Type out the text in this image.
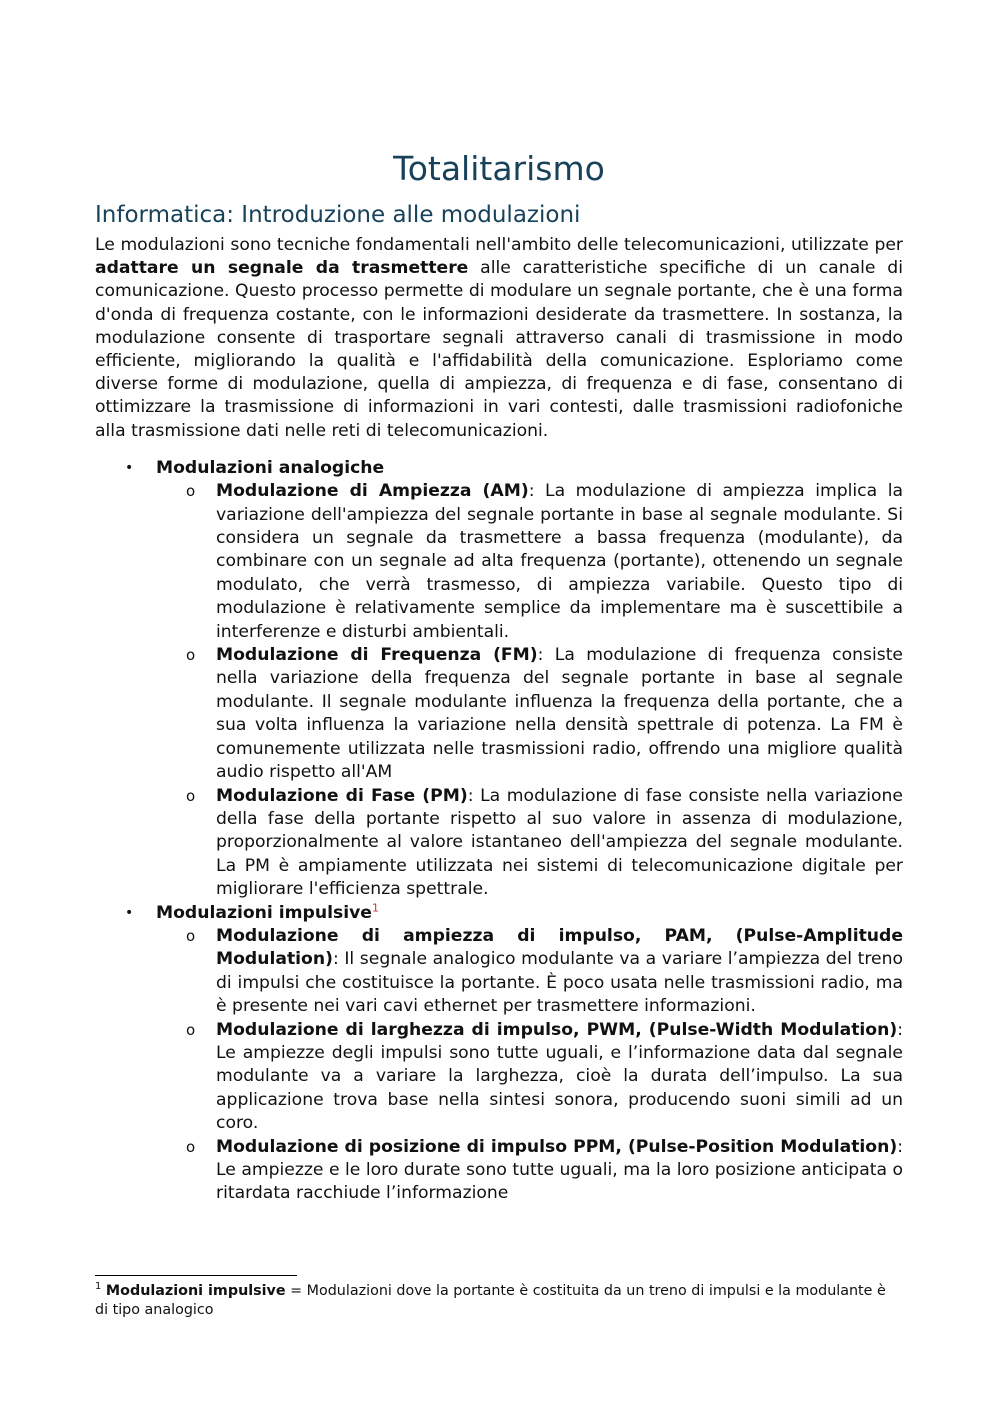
Totalitarismo
Informatica: Introduzione alle modulazioni

Le modulazioni sono tecniche fondamentali nell'ambito delle telecomunicazioni, utilizzate per adattare un segnale da trasmettere alle caratteristiche specifiche di un canale di comunicazione. Questo processo permette di modulare un segnale portante, che è una forma d'onda di frequenza costante, con le informazioni desiderate da trasmettere. In sostanza, la modulazione consente di trasportare segnali attraverso canali di trasmissione in modo efficiente, migliorando la qualità e l'affidabilità della comunicazione. Esploriamo come diverse forme di modulazione, quella di ampiezza, di frequenza e di fase, consentano di ottimizzare la trasmissione di informazioni in vari contesti, dalle trasmissioni radiofoniche alla trasmissione dati nelle reti di telecomunicazioni.

• Modulazioni analogiche
o Modulazione di Ampiezza (AM): La modulazione di ampiezza implica la variazione dell'ampiezza del segnale portante in base al segnale modulante. Si considera un segnale da trasmettere a bassa frequenza (modulante), da combinare con un segnale ad alta frequenza (portante), ottenendo un segnale modulato, che verrà trasmesso, di ampiezza variabile. Questo tipo di modulazione è relativamente semplice da implementare ma è suscettibile a interferenze e disturbi ambientali.
o Modulazione di Frequenza (FM): La modulazione di frequenza consiste nella variazione della frequenza del segnale portante in base al segnale modulante. Il segnale modulante influenza la frequenza della portante, che a sua volta influenza la variazione nella densità spettrale di potenza. La FM è comunemente utilizzata nelle trasmissioni radio, offrendo una migliore qualità audio rispetto all'AM
o Modulazione di Fase (PM): La modulazione di fase consiste nella variazione della fase della portante rispetto al suo valore in assenza di modulazione, proporzionalmente al valore istantaneo dell'ampiezza del segnale modulante. La PM è ampiamente utilizzata nei sistemi di telecomunicazione digitale per migliorare l'efficienza spettrale.
• Modulazioni impulsive$^1$
o Modulazione di ampiezza di impulso, PAM, (Pulse-Amplitude Modulation): Il segnale analogico modulante va a variare l’ampiezza del treno di impulsi che costituisce la portante. È poco usata nelle trasmissioni radio, ma è presente nei vari cavi ethernet per trasmettere informazioni.
o Modulazione di larghezza di impulso, PWM, (Pulse-Width Modulation): Le ampiezze degli impulsi sono tutte uguali, e l’informazione data dal segnale modulante va a variare la larghezza, cioè la durata dell’impulso. La sua applicazione trova base nella sintesi sonora, producendo suoni simili ad un coro.
o Modulazione di posizione di impulso PPM, (Pulse-Position Modulation): Le ampiezze e le loro durate sono tutte uguali, ma la loro posizione anticipata o ritardata racchiude l’informazione
$^1$ Modulazioni impulsive = Modulazioni dove la portante è costituita da un treno di impulsi e la modulante è di tipo analogico
